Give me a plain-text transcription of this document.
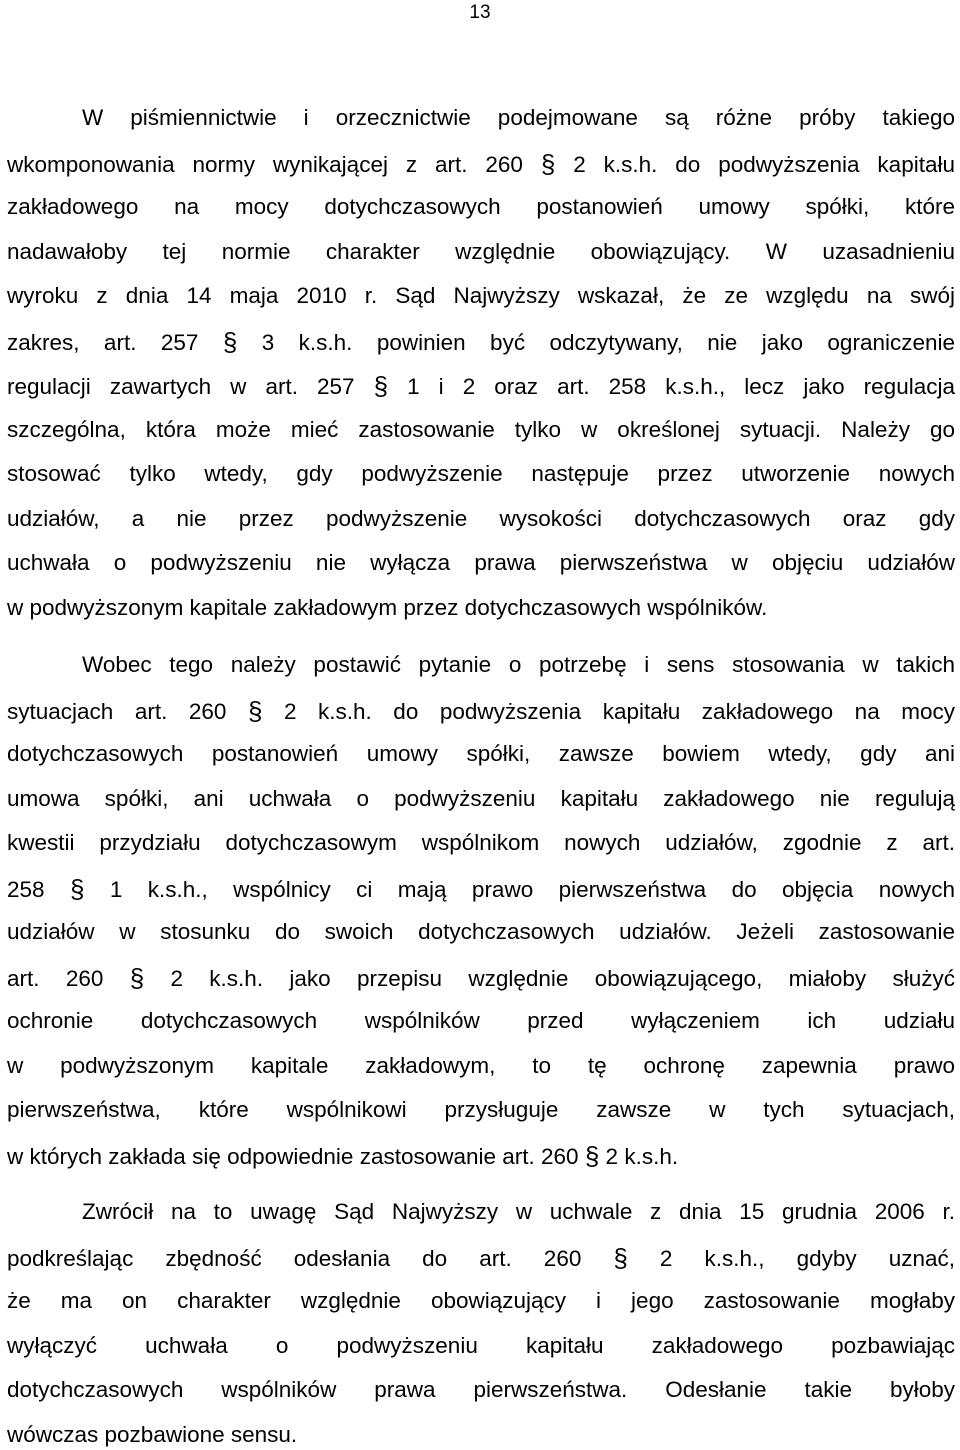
13
W piśmiennictwie i orzecznictwie podejmowane są różne próby takiego
wkomponowania normy wynikającej z art. 260 § 2 k.s.h. do podwyższenia kapitału
zakładowego na mocy dotychczasowych postanowień umowy spółki, które
nadawałoby tej normie charakter względnie obowiązujący. W uzasadnieniu
wyroku z dnia 14 maja 2010 r. Sąd Najwyższy wskazał, że ze względu na swój
zakres, art. 257 § 3 k.s.h. powinien być odczytywany, nie jako ograniczenie
regulacji zawartych w art. 257 § 1 i 2 oraz art. 258 k.s.h., lecz jako regulacja
szczególna, która może mieć zastosowanie tylko w określonej sytuacji. Należy go
stosować tylko wtedy, gdy podwyższenie następuje przez utworzenie nowych
udziałów, a nie przez podwyższenie wysokości dotychczasowych oraz gdy
uchwała o podwyższeniu nie wyłącza prawa pierwszeństwa w objęciu udziałów
w podwyższonym kapitale zakładowym przez dotychczasowych wspólników.
Wobec tego należy postawić pytanie o potrzebę i sens stosowania w takich
sytuacjach art. 260 § 2 k.s.h. do podwyższenia kapitału zakładowego na mocy
dotychczasowych postanowień umowy spółki, zawsze bowiem wtedy, gdy ani
umowa spółki, ani uchwała o podwyższeniu kapitału zakładowego nie regulują
kwestii przydziału dotychczasowym wspólnikom nowych udziałów, zgodnie z art.
258 § 1 k.s.h., wspólnicy ci mają prawo pierwszeństwa do objęcia nowych
udziałów w stosunku do swoich dotychczasowych udziałów. Jeżeli zastosowanie
art. 260 § 2 k.s.h. jako przepisu względnie obowiązującego, miałoby służyć
ochronie dotychczasowych wspólników przed wyłączeniem ich udziału
w podwyższonym kapitale zakładowym, to tę ochronę zapewnia prawo
pierwszeństwa, które wspólnikowi przysługuje zawsze w tych sytuacjach,
w których zakłada się odpowiednie zastosowanie art. 260 § 2 k.s.h.
Zwrócił na to uwagę Sąd Najwyższy w uchwale z dnia 15 grudnia 2006 r.
podkreślając zbędność odesłania do art. 260 § 2 k.s.h., gdyby uznać,
że ma on charakter względnie obowiązujący i jego zastosowanie mogłaby
wyłączyć uchwała o podwyższeniu kapitału zakładowego pozbawiając
dotychczasowych wspólników prawa pierwszeństwa. Odesłanie takie byłoby
wówczas pozbawione sensu.
